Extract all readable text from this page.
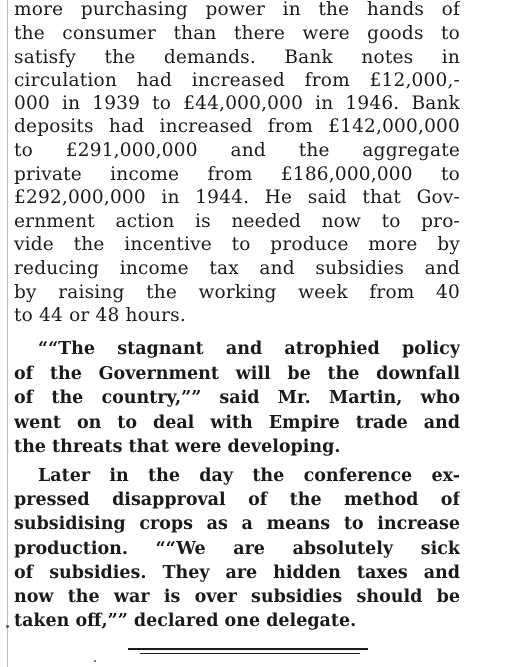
more purchasing power in the hands of
the consumer than there were goods to
satisfy the demands. Bank notes in
circulation had increased from £12,000,-
000 in 1939 to £44,000,000 in 1946. Bank
deposits had increased from £142,000,000
to £291,000,000 and the aggregate
private income from £186,000,000 to
£292,000,000 in 1944. He said that Gov-
ernment action is needed now to pro-
vide the incentive to produce more by
reducing income tax and subsidies and
by raising the working week from 40
to 44 or 48 hours.
““The stagnant and atrophied policy
of the Government will be the downfall
of the country,”” said Mr. Martin, who
went on to deal with Empire trade and
the threats that were developing.
Later in the day the conference ex-
pressed disapproval of the method of
subsidising crops as a means to increase
production. ““We are absolutely sick
of subsidies. They are hidden taxes and
now the war is over subsidies should be
taken off,”” declared one delegate.
